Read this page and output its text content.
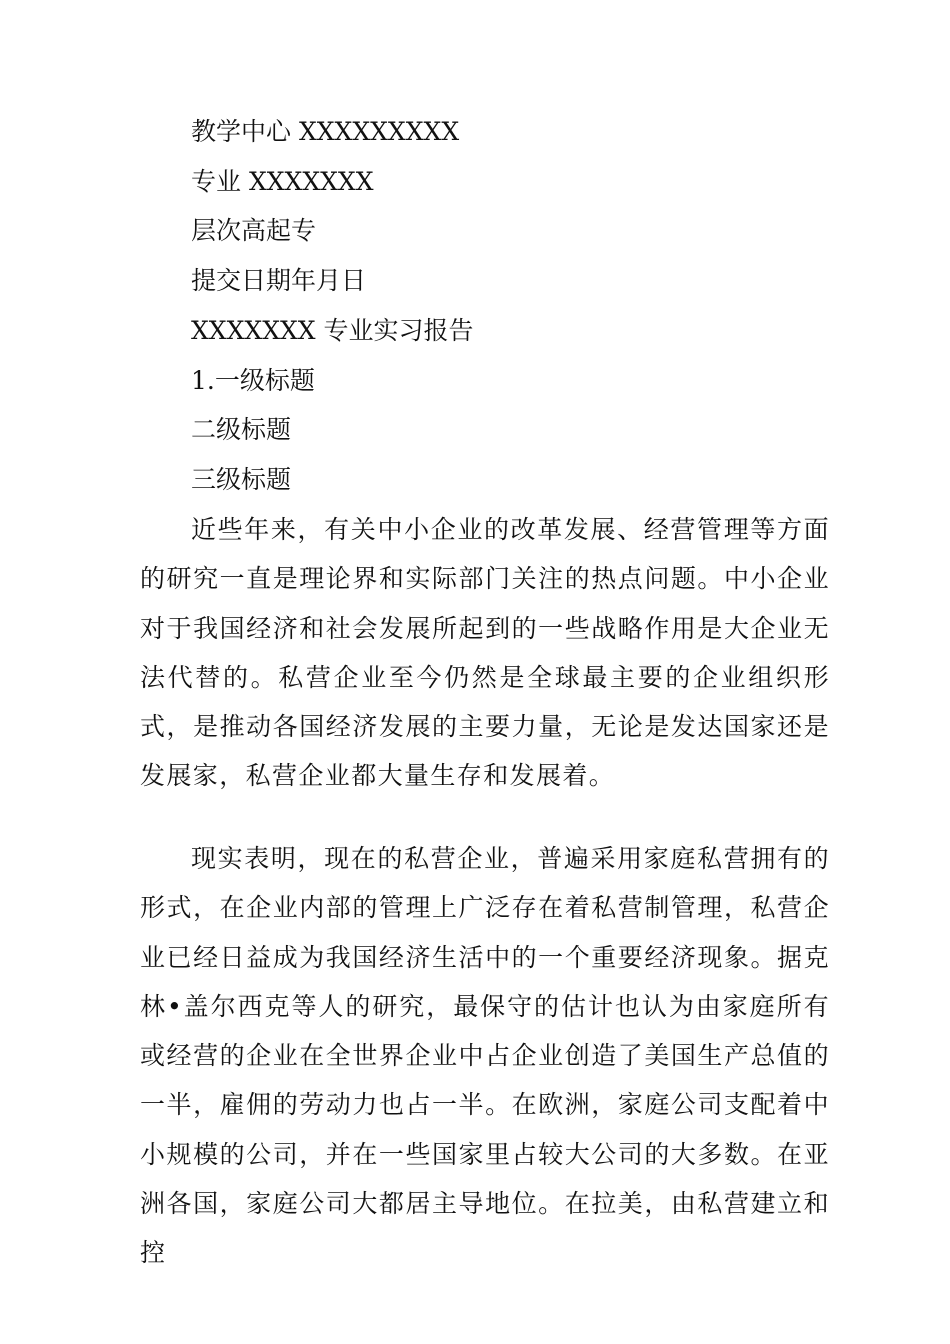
教学中心 XXXXXXXXX
专业 XXXXXXX
层次高起专
提交日期年月日
XXXXXXX 专业实习报告
1.一级标题
二级标题
三级标题

近些年来，有关中小企业的改革发展、经营管理等方面的研究一直是理论界和实际部门关注的热点问题。中小企业对于我国经济和社会发展所起到的一些战略作用是大企业无法代替的。私营企业至今仍然是全球最主要的企业组织形式，是推动各国经济发展的主要力量，无论是发达国家还是发展家，私营企业都大量生存和发展着。

现实表明，现在的私营企业，普遍采用家庭私营拥有的形式，在企业内部的管理上广泛存在着私营制管理，私营企业已经日益成为我国经济生活中的一个重要经济现象。据克林•盖尔西克等人的研究，最保守的估计也认为由家庭所有或经营的企业在全世界企业中占企业创造了美国生产总值的一半，雇佣的劳动力也占一半。在欧洲，家庭公司支配着中小规模的公司，并在一些国家里占较大公司的大多数。在亚洲各国，家庭公司大都居主导地位。在拉美，由私营建立和控
